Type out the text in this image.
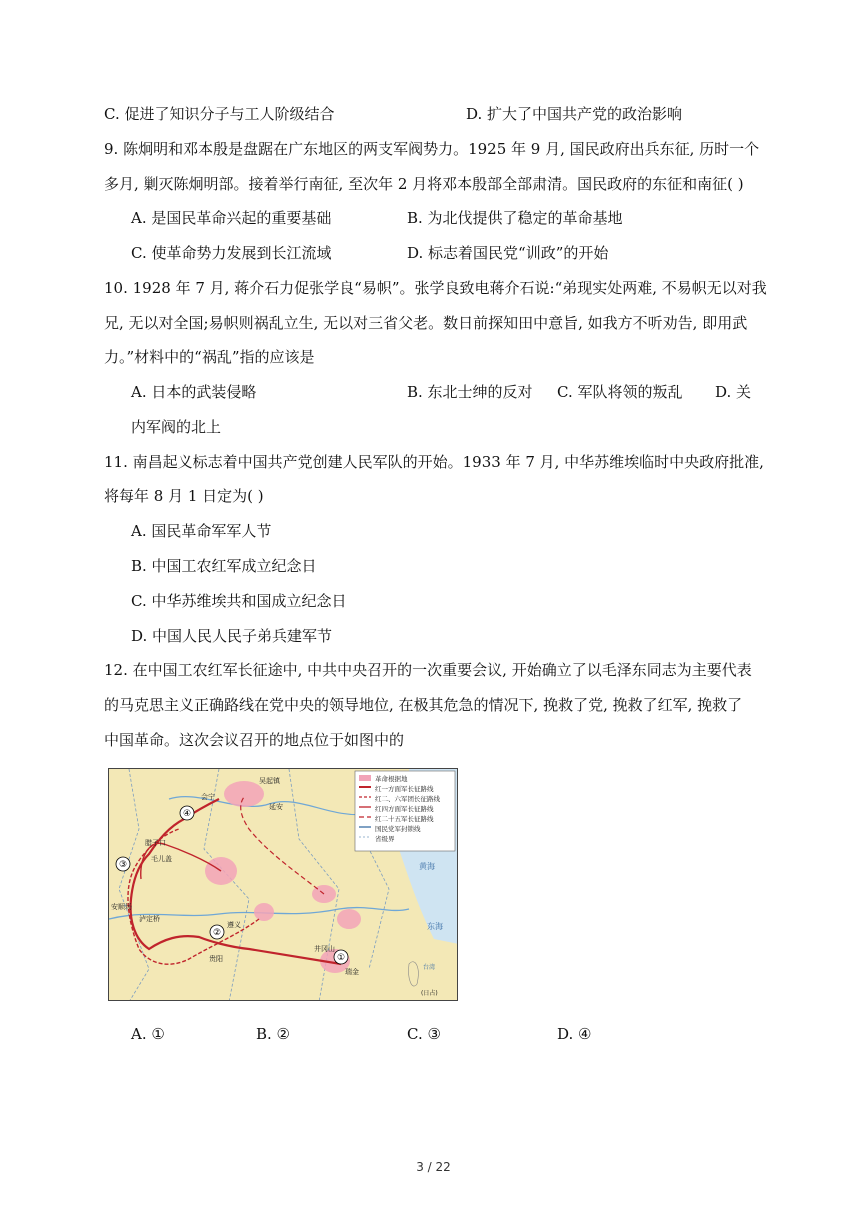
C. 促进了知识分子与工人阶级结合	D. 扩大了中国共产党的政治影响
9. 陈炯明和邓本殷是盘踞在广东地区的两支军阀势力。1925 年 9 月, 国民政府出兵东征, 历时一个
多月, 剿灭陈炯明部。接着举行南征, 至次年 2 月将邓本殷部全部肃清。国民政府的东征和南征( )
A. 是国民革命兴起的重要基础	B. 为北伐提供了稳定的革命基地
C. 使革命势力发展到长江流域	D. 标志着国民党“训政”的开始
10. 1928 年 7 月, 蒋介石力促张学良“易帜”。张学良致电蒋介石说:“弟现实处两难, 不易帜无以对我
兄, 无以对全国;易帜则祸乱立生, 无以对三省父老。数日前探知田中意旨, 如我方不听劝告, 即用武
力。”材料中的“祸乱”指的应该是
A. 日本的武装侵略	B. 东北士绅的反对 C. 军队将领的叛乱 D. 关
内军阀的北上
11. 南昌起义标志着中国共产党创建人民军队的开始。1933 年 7 月, 中华苏维埃临时中央政府批准,
将每年 8 月 1 日定为( )
A. 国民革命军军人节
B. 中国工农红军成立纪念日
C. 中华苏维埃共和国成立纪念日
D. 中国人民人民子弟兵建军节
12. 在中国工农红军长征途中, 中共中央召开的一次重要会议, 开始确立了以毛泽东同志为主要代表
的马克思主义正确路线在党中央的领导地位, 在极其危急的情况下, 挽救了党, 挽救了红军, 挽救了
中国革命。这次会议召开的地点位于如图中的
革命根据地
红一方面军长征路线
红二、六军团长征路线
红四方面军长征路线
红二十五军长征路线
国民党军封锁线
省级界
①
②
③
④
瑞金
井冈山
贵阳
遵义
安顺场
泸定桥
毛儿盖
腊子口
吴起镇
会宁
延安
黄海
东海
台湾
(日占)
A. ①	B. ②	C. ③	D. ④
3 / 22
